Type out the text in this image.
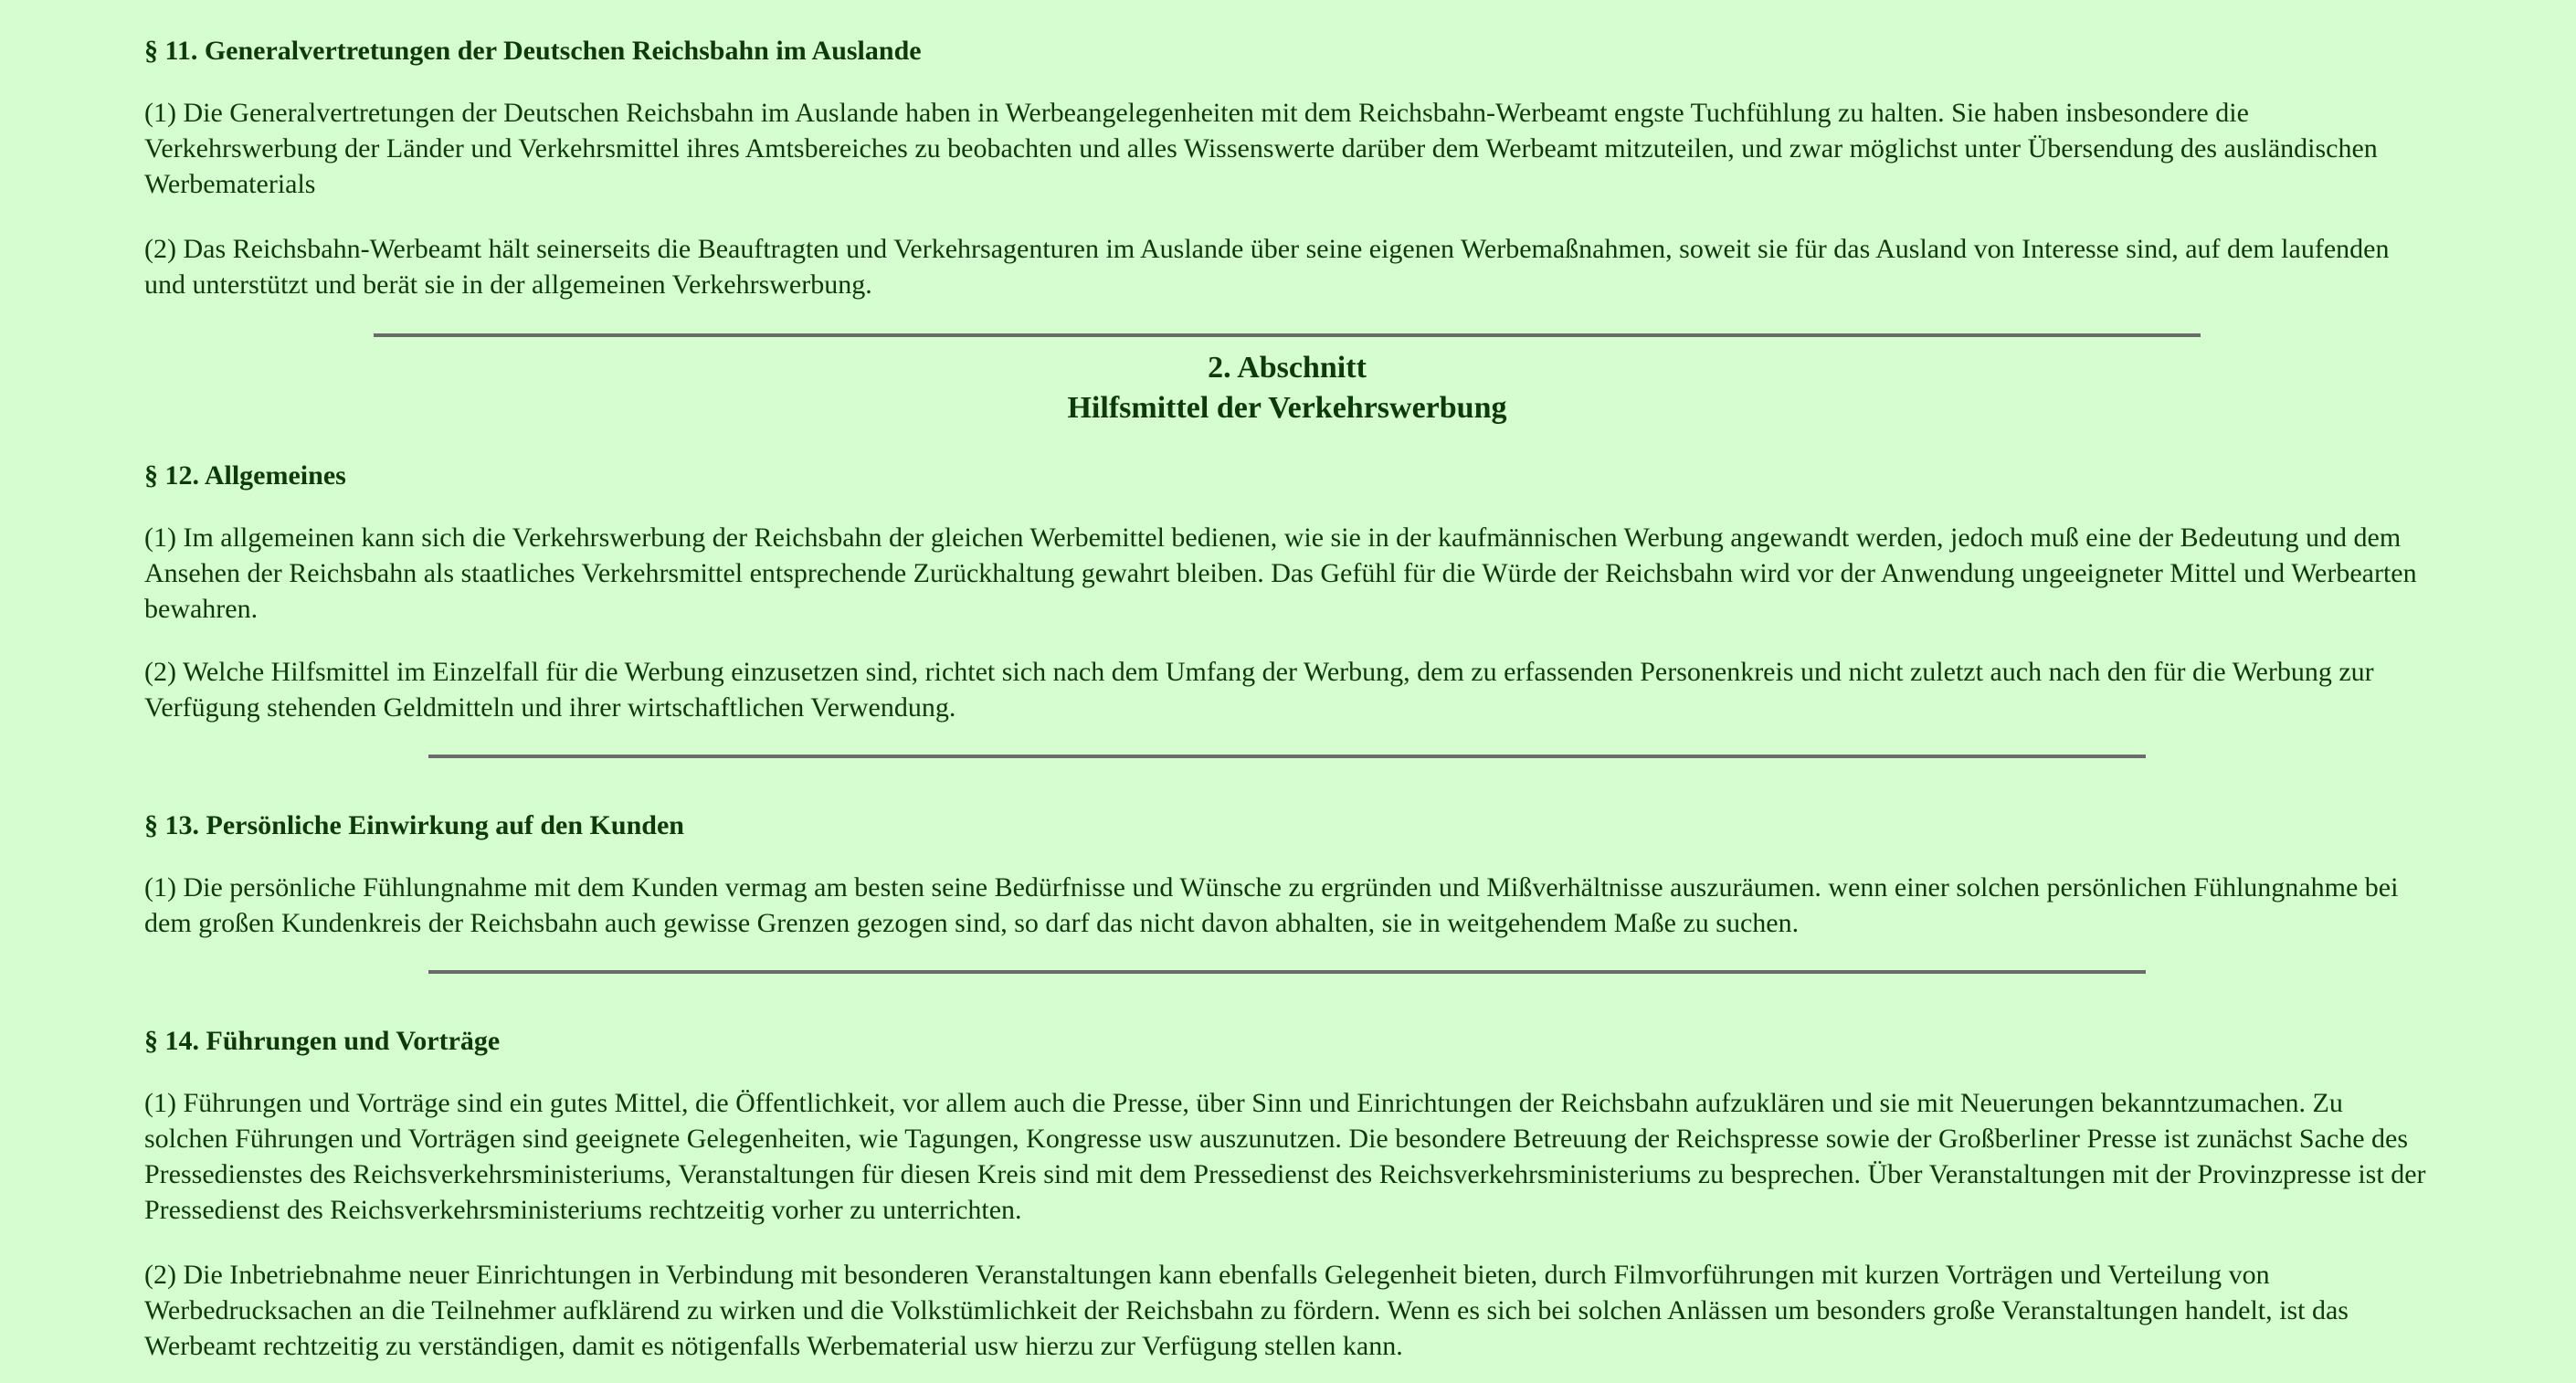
§ 11. Generalvertretungen der Deutschen Reichsbahn im Auslande

(1) Die Generalvertretungen der Deutschen Reichsbahn im Auslande haben in Werbeangelegenheiten mit dem Reichsbahn-Werbeamt engste Tuchfühlung zu halten. Sie haben insbesondere die Verkehrswerbung der Länder und Verkehrsmittel ihres Amtsbereiches zu beobachten und alles Wissenswerte darüber dem Werbeamt mitzuteilen, und zwar möglichst unter Übersendung des ausländischen Werbematerials

(2) Das Reichsbahn-Werbeamt hält seinerseits die Beauftragten und Verkehrsagenturen im Auslande über seine eigenen Werbemaßnahmen, soweit sie für das Ausland von Interesse sind, auf dem laufenden und unterstützt und berät sie in der allgemeinen Verkehrswerbung.

2. Abschnitt
Hilfsmittel der Verkehrswerbung
§ 12. Allgemeines

(1) Im allgemeinen kann sich die Verkehrswerbung der Reichsbahn der gleichen Werbemittel bedienen, wie sie in der kaufmännischen Werbung angewandt werden, jedoch muß eine der Bedeutung und dem Ansehen der Reichsbahn als staatliches Verkehrsmittel entsprechende Zurückhaltung gewahrt bleiben. Das Gefühl für die Würde der Reichsbahn wird vor der Anwendung ungeeigneter Mittel und Werbearten bewahren.

(2) Welche Hilfsmittel im Einzelfall für die Werbung einzusetzen sind, richtet sich nach dem Umfang der Werbung, dem zu erfassenden Personenkreis und nicht zuletzt auch nach den für die Werbung zur Verfügung stehenden Geldmitteln und ihrer wirtschaftlichen Verwendung.

§ 13. Persönliche Einwirkung auf den Kunden

(1) Die persönliche Fühlungnahme mit dem Kunden vermag am besten seine Bedürfnisse und Wünsche zu ergründen und Mißverhältnisse auszuräumen. wenn einer solchen persönlichen Fühlungnahme bei dem großen Kundenkreis der Reichsbahn auch gewisse Grenzen gezogen sind, so darf das nicht davon abhalten, sie in weitgehendem Maße zu suchen.

§ 14. Führungen und Vorträge

(1) Führungen und Vorträge sind ein gutes Mittel, die Öffentlichkeit, vor allem auch die Presse, über Sinn und Einrichtungen der Reichsbahn aufzuklären und sie mit Neuerungen bekanntzumachen. Zu solchen Führungen und Vorträgen sind geeignete Gelegenheiten, wie Tagungen, Kongresse usw auszunutzen. Die besondere Betreuung der Reichspresse sowie der Großberliner Presse ist zunächst Sache des Pressedienstes des Reichsverkehrsministeriums, Veranstaltungen für diesen Kreis sind mit dem Pressedienst des Reichsverkehrsministeriums zu besprechen. Über Veranstaltungen mit der Provinzpresse ist der Pressedienst des Reichsverkehrsministeriums rechtzeitig vorher zu unterrichten.

(2) Die Inbetriebnahme neuer Einrichtungen in Verbindung mit besonderen Veranstaltungen kann ebenfalls Gelegenheit bieten, durch Filmvorführungen mit kurzen Vorträgen und Verteilung von Werbedrucksachen an die Teilnehmer aufklärend zu wirken und die Volkstümlichkeit der Reichsbahn zu fördern. Wenn es sich bei solchen Anlässen um besonders große Veranstaltungen handelt, ist das Werbeamt rechtzeitig zu verständigen, damit es nötigenfalls Werbematerial usw hierzu zur Verfügung stellen kann.
